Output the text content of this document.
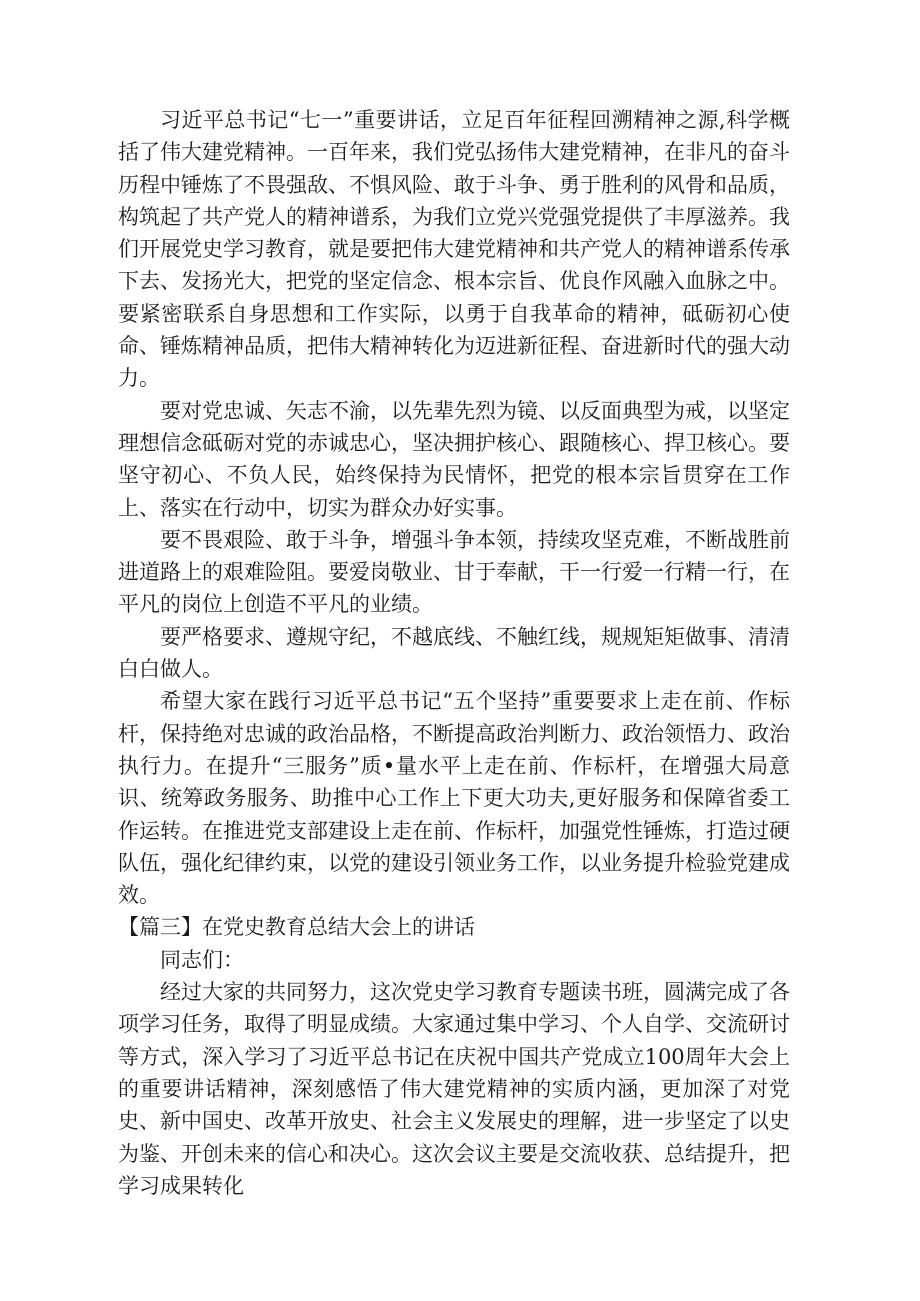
习近平总书记“七一”重要讲话，立足百年征程回溯精神之源,科学概括了伟大建党精神。一百年来，我们党弘扬伟大建党精神，在非凡的奋斗历程中锤炼了不畏强敌、不惧风险、敢于斗争、勇于胜利的风骨和品质，构筑起了共产党人的精神谱系，为我们立党兴党强党提供了丰厚滋养。我们开展党史学习教育，就是要把伟大建党精神和共产党人的精神谱系传承下去、发扬光大，把党的坚定信念、根本宗旨、优良作风融入血脉之中。要紧密联系自身思想和工作实际，以勇于自我革命的精神，砥砺初心使命、锤炼精神品质，把伟大精神转化为迈进新征程、奋进新时代的强大动力。

要对党忠诚、矢志不渝，以先辈先烈为镜、以反面典型为戒，以坚定理想信念砥砺对党的赤诚忠心，坚决拥护核心、跟随核心、捍卫核心。要坚守初心、不负人民，始终保持为民情怀，把党的根本宗旨贯穿在工作上、落实在行动中，切实为群众办好实事。

要不畏艰险、敢于斗争，增强斗争本领，持续攻坚克难，不断战胜前进道路上的艰难险阻。要爱岗敬业、甘于奉献，干一行爱一行精一行，在平凡的岗位上创造不平凡的业绩。

要严格要求、遵规守纪，不越底线、不触红线，规规矩矩做事、清清白白做人。

希望大家在践行习近平总书记“五个坚持”重要要求上走在前、作标杆，保持绝对忠诚的政治品格，不断提高政治判断力、政治领悟力、政治执行力。在提升“三服务”质•量水平上走在前、作标杆，在增强大局意识、统筹政务服务、助推中心工作上下更大功夫,更好服务和保障省委工作运转。在推进党支部建设上走在前、作标杆，加强党性锤炼，打造过硬队伍，强化纪律约束，以党的建设引领业务工作，以业务提升检验党建成效。

【篇三】在党史教育总结大会上的讲话

同志们：

经过大家的共同努力，这次党史学习教育专题读书班，圆满完成了各项学习任务，取得了明显成绩。大家通过集中学习、个人自学、交流研讨等方式，深入学习了习近平总书记在庆祝中国共产党成立100周年大会上的重要讲话精神，深刻感悟了伟大建党精神的实质内涵，更加深了对党史、新中国史、改革开放史、社会主义发展史的理解，进一步坚定了以史为鉴、开创未来的信心和决心。这次会议主要是交流收获、总结提升，把学习成果转化
